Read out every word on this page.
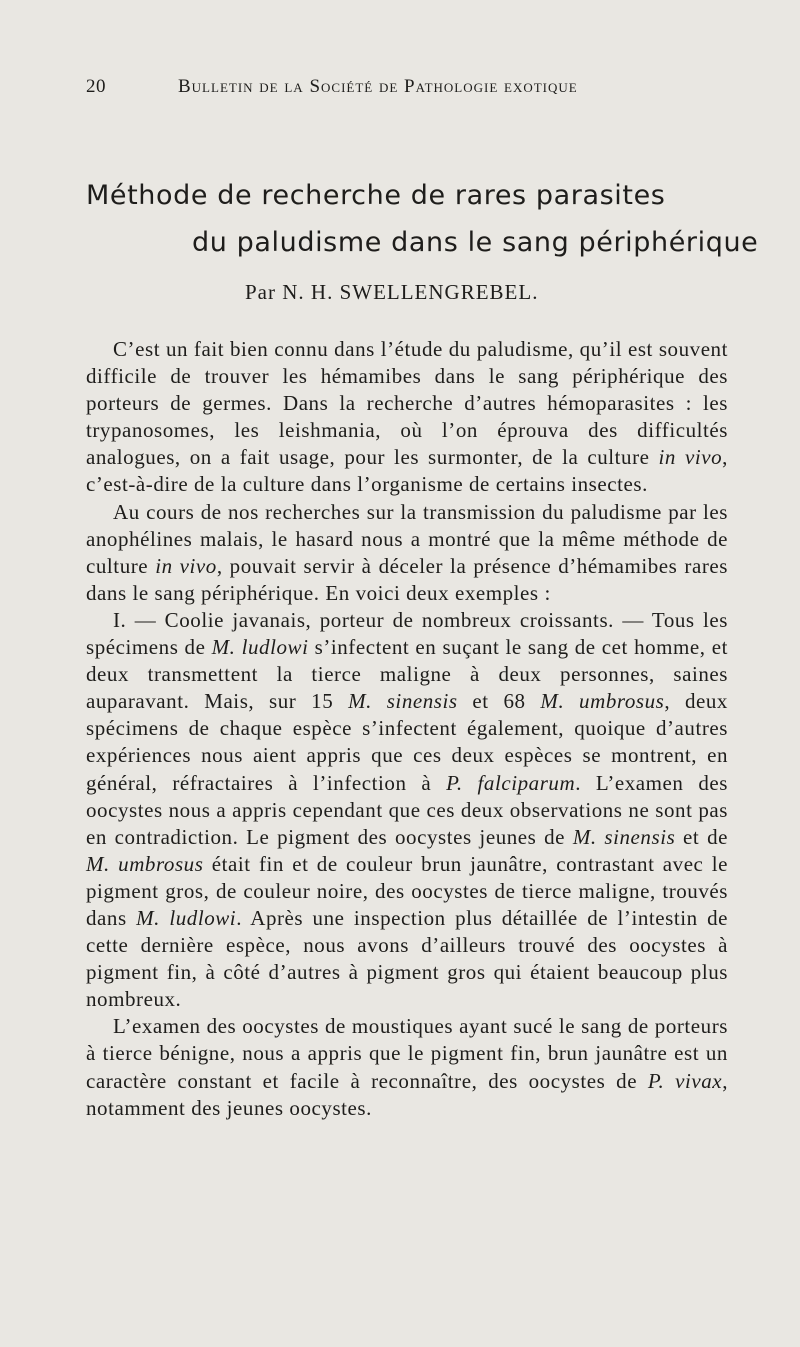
20	Bulletin de la Société de Pathologie exotique
Méthode de recherche de rares parasites
du paludisme dans le sang périphérique
Par N. H. SWELLENGREBEL.

C’est un fait bien connu dans l’étude du paludisme, qu’il est souvent difficile de trouver les hémamibes dans le sang périphérique des porteurs de germes. Dans la recherche d’autres hémoparasites : les trypanosomes, les leishmania, où l’on éprouva des difficultés analogues, on a fait usage, pour les surmonter, de la culture in vivo, c’est-à-dire de la culture dans l’organisme de certains insectes.

Au cours de nos recherches sur la transmission du paludisme par les anophélines malais, le hasard nous a montré que la même méthode de culture in vivo, pouvait servir à déceler la présence d’hémamibes rares dans le sang périphérique. En voici deux exemples :

I. — Coolie javanais, porteur de nombreux croissants. — Tous les spécimens de M. ludlowi s’infectent en suçant le sang de cet homme, et deux transmettent la tierce maligne à deux personnes, saines auparavant. Mais, sur 15 M. sinensis et 68 M. umbrosus, deux spécimens de chaque espèce s’infectent également, quoique d’autres expériences nous aient appris que ces deux espèces se montrent, en général, réfractaires à l’infection à P. falciparum. L’examen des oocystes nous a appris cependant que ces deux observations ne sont pas en contradiction. Le pigment des oocystes jeunes de M. sinensis et de M. umbrosus était fin et de couleur brun jaunâtre, contrastant avec le pigment gros, de couleur noire, des oocystes de tierce maligne, trouvés dans M. ludlowi. Après une inspection plus détaillée de l’intestin de cette dernière espèce, nous avons d’ailleurs trouvé des oocystes à pigment fin, à côté d’autres à pigment gros qui étaient beaucoup plus nombreux.

L’examen des oocystes de moustiques ayant sucé le sang de porteurs à tierce bénigne, nous a appris que le pigment fin, brun jaunâtre est un caractère constant et facile à reconnaître, des oocystes de P. vivax, notamment des jeunes oocystes.
